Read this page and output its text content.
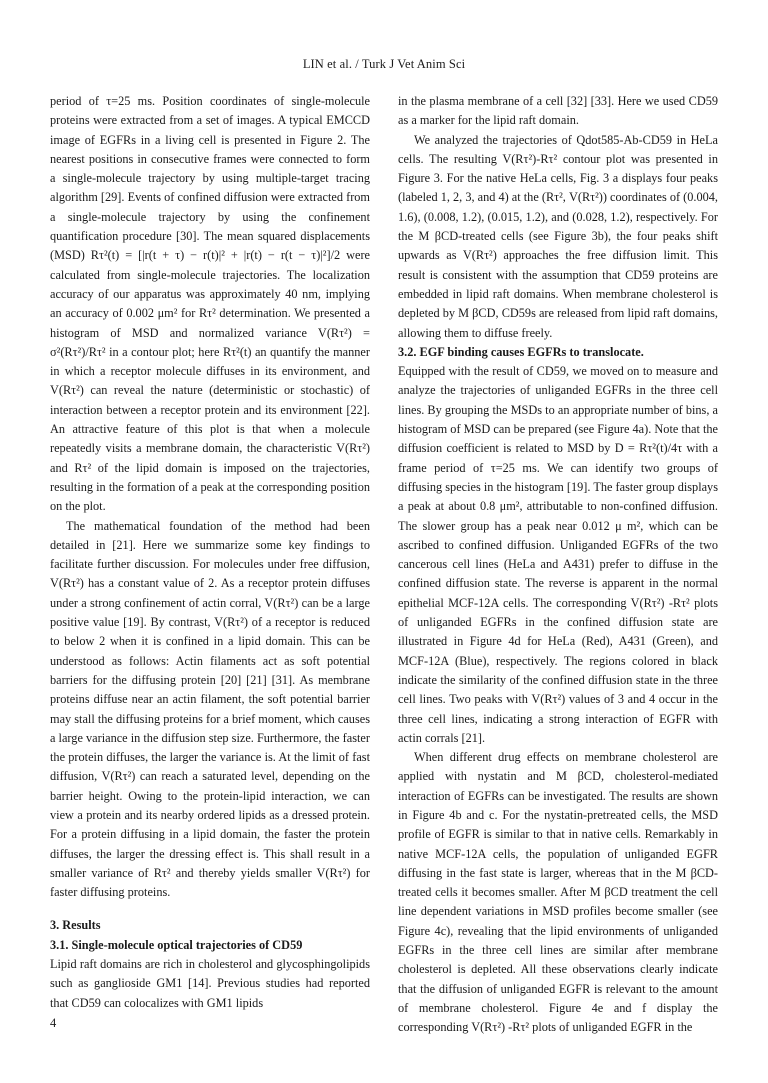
LIN et al. / Turk J Vet Anim Sci

period of τ=25 ms. Position coordinates of single-molecule proteins were extracted from a set of images. A typical EMCCD image of EGFRs in a living cell is presented in Figure 2. The nearest positions in consecutive frames were connected to form a single-molecule trajectory by using multiple-target tracing algorithm [29]. Events of confined diffusion were extracted from a single-molecule trajectory by using the confinement quantification procedure [30]. The mean squared displacements (MSD) Rτ²(t) = [|r(t + τ) − r(t)|² + |r(t) − r(t − τ)|²]/2 were calculated from single-molecule trajectories. The localization accuracy of our apparatus was approximately 40 nm, implying an accuracy of 0.002 μm² for Rτ² determination. We presented a histogram of MSD and normalized variance V(Rτ²) = σ²(Rτ²)/Rτ² in a contour plot; here Rτ²(t) an quantify the manner in which a receptor molecule diffuses in its environment, and V(Rτ²) can reveal the nature (deterministic or stochastic) of interaction between a receptor protein and its environment [22]. An attractive feature of this plot is that when a molecule repeatedly visits a membrane domain, the characteristic V(Rτ²) and Rτ² of the lipid domain is imposed on the trajectories, resulting in the formation of a peak at the corresponding position on the plot.

The mathematical foundation of the method had been detailed in [21]. Here we summarize some key findings to facilitate further discussion. For molecules under free diffusion, V(Rτ²) has a constant value of 2. As a receptor protein diffuses under a strong confinement of actin corral, V(Rτ²) can be a large positive value [19]. By contrast, V(Rτ²) of a receptor is reduced to below 2 when it is confined in a lipid domain. This can be understood as follows: Actin filaments act as soft potential barriers for the diffusing protein [20] [21] [31]. As membrane proteins diffuse near an actin filament, the soft potential barrier may stall the diffusing proteins for a brief moment, which causes a large variance in the diffusion step size. Furthermore, the faster the protein diffuses, the larger the variance is. At the limit of fast diffusion, V(Rτ²) can reach a saturated level, depending on the barrier height. Owing to the protein-lipid interaction, we can view a protein and its nearby ordered lipids as a dressed protein. For a protein diffusing in a lipid domain, the faster the protein diffuses, the larger the dressing effect is. This shall result in a smaller variance of Rτ² and thereby yields smaller V(Rτ²) for faster diffusing proteins.

3. Results
3.1. Single-molecule optical trajectories of CD59

Lipid raft domains are rich in cholesterol and glycosphingolipids such as ganglioside GM1 [14]. Previous studies had reported that CD59 can colocalizes with GM1 lipids

in the plasma membrane of a cell [32] [33]. Here we used CD59 as a marker for the lipid raft domain.

We analyzed the trajectories of Qdot585-Ab-CD59 in HeLa cells. The resulting V(Rτ²)-Rτ² contour plot was presented in Figure 3. For the native HeLa cells, Fig. 3 a displays four peaks (labeled 1, 2, 3, and 4) at the (Rτ², V(Rτ²)) coordinates of (0.004, 1.6), (0.008, 1.2), (0.015, 1.2), and (0.028, 1.2), respectively. For the M βCD-treated cells (see Figure 3b), the four peaks shift upwards as V(Rτ²) approaches the free diffusion limit. This result is consistent with the assumption that CD59 proteins are embedded in lipid raft domains. When membrane cholesterol is depleted by M βCD, CD59s are released from lipid raft domains, allowing them to diffuse freely.

3.2. EGF binding causes EGFRs to translocate.

Equipped with the result of CD59, we moved on to measure and analyze the trajectories of unliganded EGFRs in the three cell lines. By grouping the MSDs to an appropriate number of bins, a histogram of MSD can be prepared (see Figure 4a). Note that the diffusion coefficient is related to MSD by D = Rτ²(t)/4τ with a frame period of τ=25 ms. We can identify two groups of diffusing species in the histogram [19]. The faster group displays a peak at about 0.8 μm², attributable to non-confined diffusion. The slower group has a peak near 0.012 μ m², which can be ascribed to confined diffusion. Unliganded EGFRs of the two cancerous cell lines (HeLa and A431) prefer to diffuse in the confined diffusion state. The reverse is apparent in the normal epithelial MCF-12A cells. The corresponding V(Rτ²) -Rτ² plots of unliganded EGFRs in the confined diffusion state are illustrated in Figure 4d for HeLa (Red), A431 (Green), and MCF-12A (Blue), respectively. The regions colored in black indicate the similarity of the confined diffusion state in the three cell lines. Two peaks with V(Rτ²) values of 3 and 4 occur in the three cell lines, indicating a strong interaction of EGFR with actin corrals [21].

When different drug effects on membrane cholesterol are applied with nystatin and M βCD, cholesterol-mediated interaction of EGFRs can be investigated. The results are shown in Figure 4b and c. For the nystatin-pretreated cells, the MSD profile of EGFR is similar to that in native cells. Remarkably in native MCF-12A cells, the population of unliganded EGFR diffusing in the fast state is larger, whereas that in the M βCD-treated cells it becomes smaller. After M βCD treatment the cell line dependent variations in MSD profiles become smaller (see Figure 4c), revealing that the lipid environments of unliganded EGFRs in the three cell lines are similar after membrane cholesterol is depleted. All these observations clearly indicate that the diffusion of unliganded EGFR is relevant to the amount of membrane cholesterol. Figure 4e and f display the corresponding V(Rτ²) -Rτ² plots of unliganded EGFR in the

4
